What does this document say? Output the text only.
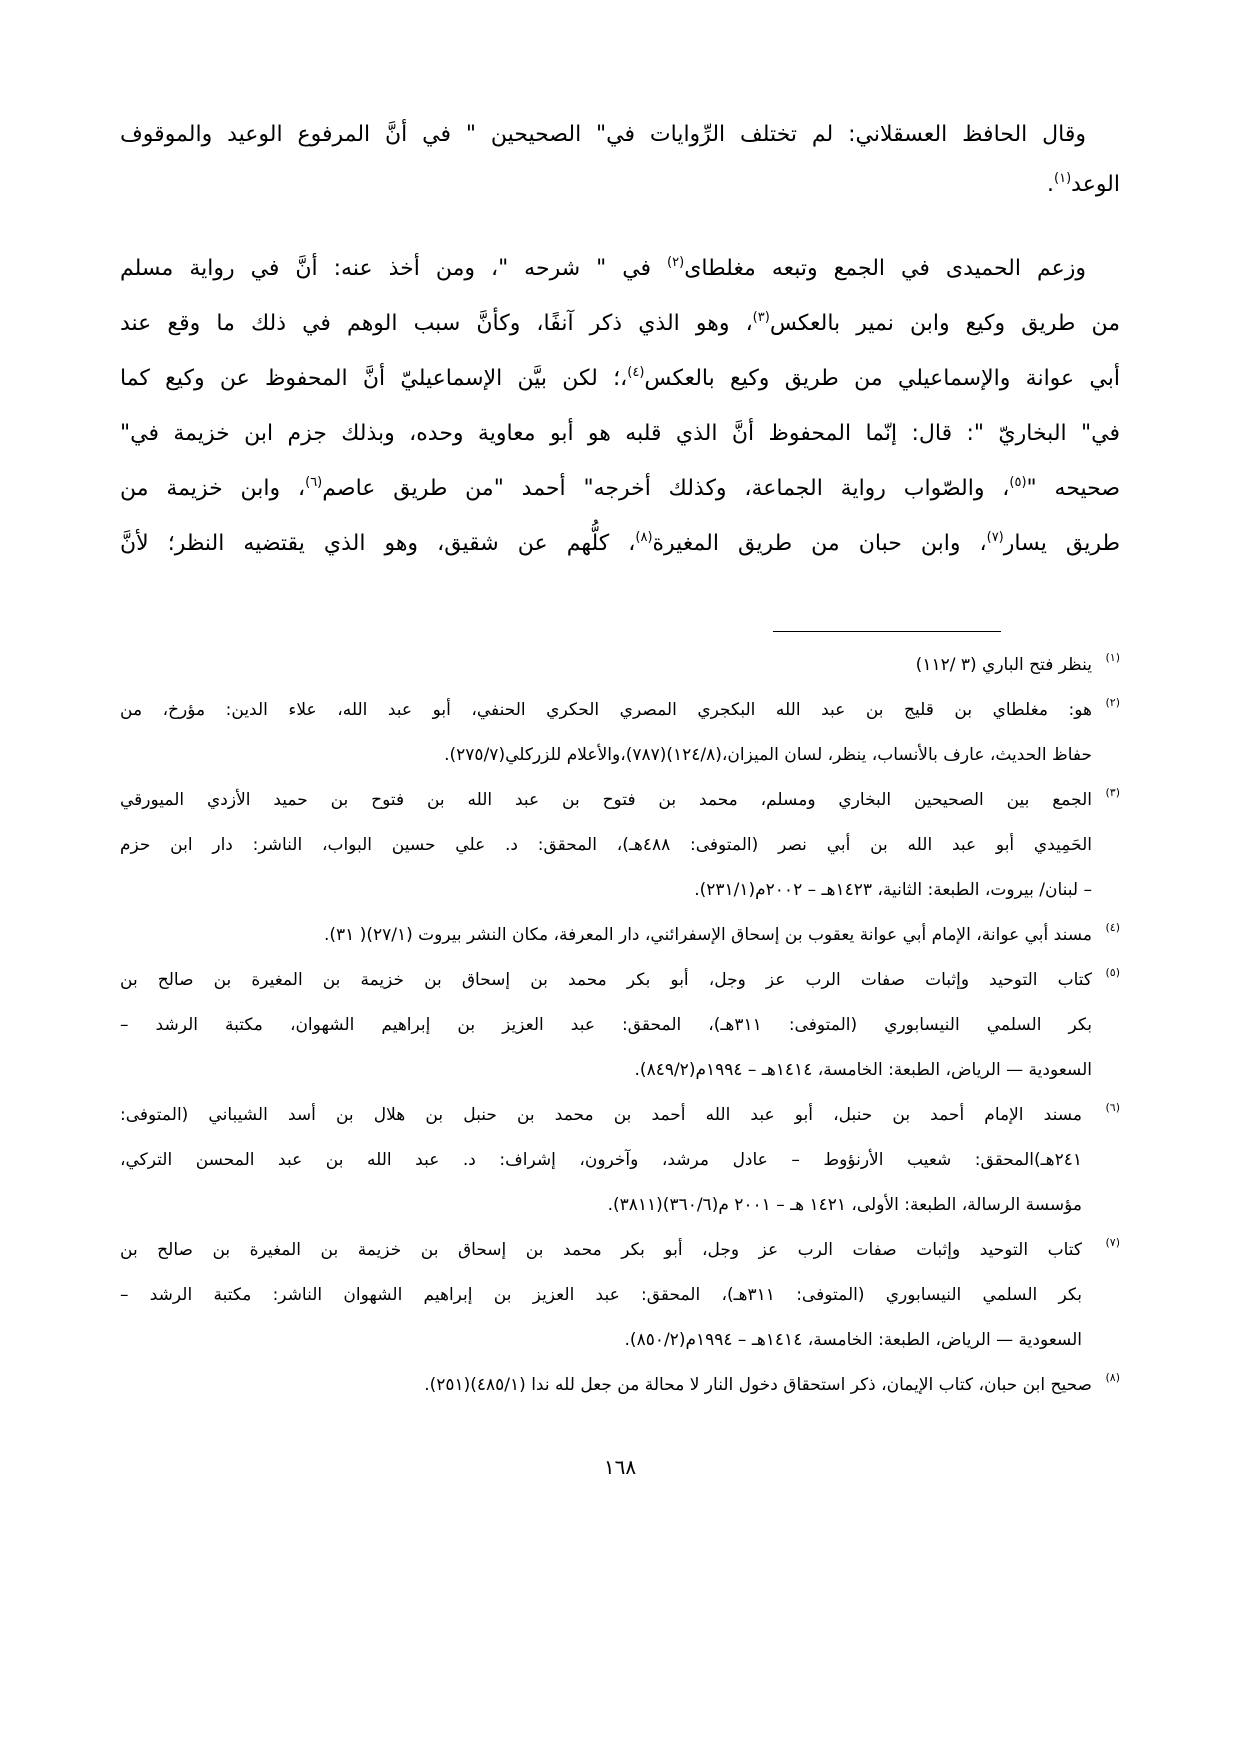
وقال الحافظ العسقلاني: لم تختلف الرِّوايات في" الصحيحين " في أنَّ المرفوع الوعيد والموقوف
الوعد$^{(١)}$.
وزعم الحميدى في الجمع وتبعه مغلطاى$^{(٢)}$ في " شرحه "، ومن أخذ عنه: أنَّ في رواية مسلم
من طريق وكيع وابن نمير بالعكس$^{(٣)}$، وهو الذي ذكر آنفًا، وكأنَّ سبب الوهم في ذلك ما وقع عند
أبي عوانة والإسماعيلي من طريق وكيع بالعكس$^{(٤)}$،؛ لكن بيَّن الإسماعيليّ أنَّ المحفوظ عن وكيع كما
في" البخاريّ ": قال: إنّما المحفوظ أنَّ الذي قلبه هو أبو معاوية وحده، وبذلك جزم ابن خزيمة في"
صحيحه "$^{(٥)}$، والصّواب رواية الجماعة، وكذلك أخرجه" أحمد "من طريق عاصم$^{(٦)}$، وابن خزيمة من
طريق يسار$^{(٧)}$، وابن حبان من طريق المغيرة$^{(٨)}$، كلُّهم عن شقيق، وهو الذي يقتضيه النظر؛ لأنَّ
(١)
ينظر فتح الباري (٣ /١١٢)
(٢)
هو: مغلطاي بن قليج بن عبد الله البكجري المصري الحكري الحنفي، أبو عبد الله، علاء الدين: مؤرخ، من
حفاظ الحديث، عارف بالأنساب، ينظر، لسان الميزان،(١٢٤/٨)(٧٨٧)،والأعلام للزركلي(٢٧٥/٧).
(٣)
الجمع بين الصحيحين البخاري ومسلم، محمد بن فتوح بن عبد الله بن فتوح بن حميد الأزدي الميورقي
الحَمِيدي أبو عبد الله بن أبي نصر (المتوفى: ٤٨٨هـ)، المحقق: د. علي حسين البواب، الناشر: دار ابن حزم
– لبنان/ بيروت، الطبعة: الثانية، ١٤٢٣هـ – ٢٠٠٢م(٢٣١/١).
(٤)
مسند أبي عوانة، الإمام أبي عوانة يعقوب بن إسحاق الإسفرائني، دار المعرفة، مكان النشر بيروت (٢٧/١)( ٣١).
(٥)
كتاب التوحيد وإثبات صفات الرب عز وجل، أبو بكر محمد بن إسحاق بن خزيمة بن المغيرة بن صالح بن
بكر السلمي النيسابوري (المتوفى: ٣١١هـ)، المحقق: عبد العزيز بن إبراهيم الشهوان، مكتبة الرشد –
السعودية — الرياض، الطبعة: الخامسة، ١٤١٤هـ – ١٩٩٤م(٨٤٩/٢).
(٦)
مسند الإمام أحمد بن حنبل، أبو عبد الله أحمد بن محمد بن حنبل بن هلال بن أسد الشيباني (المتوفى:
٢٤١هـ)المحقق: شعيب الأرنؤوط – عادل مرشد، وآخرون، إشراف: د. عبد الله بن عبد المحسن التركي،
مؤسسة الرسالة، الطبعة: الأولى، ١٤٢١ هـ – ٢٠٠١ م(٣٦٠/٦)(٣٨١١).
(٧)
كتاب التوحيد وإثبات صفات الرب عز وجل، أبو بكر محمد بن إسحاق بن خزيمة بن المغيرة بن صالح بن
بكر السلمي النيسابوري (المتوفى: ٣١١هـ)، المحقق: عبد العزيز بن إبراهيم الشهوان الناشر: مكتبة الرشد –
السعودية — الرياض، الطبعة: الخامسة، ١٤١٤هـ – ١٩٩٤م(٨٥٠/٢).
(٨)
صحيح ابن حبان، كتاب الإيمان، ذكر استحقاق دخول النار لا محالة من جعل لله ندا (٤٨٥/١)(٢٥١).
١٦٨
